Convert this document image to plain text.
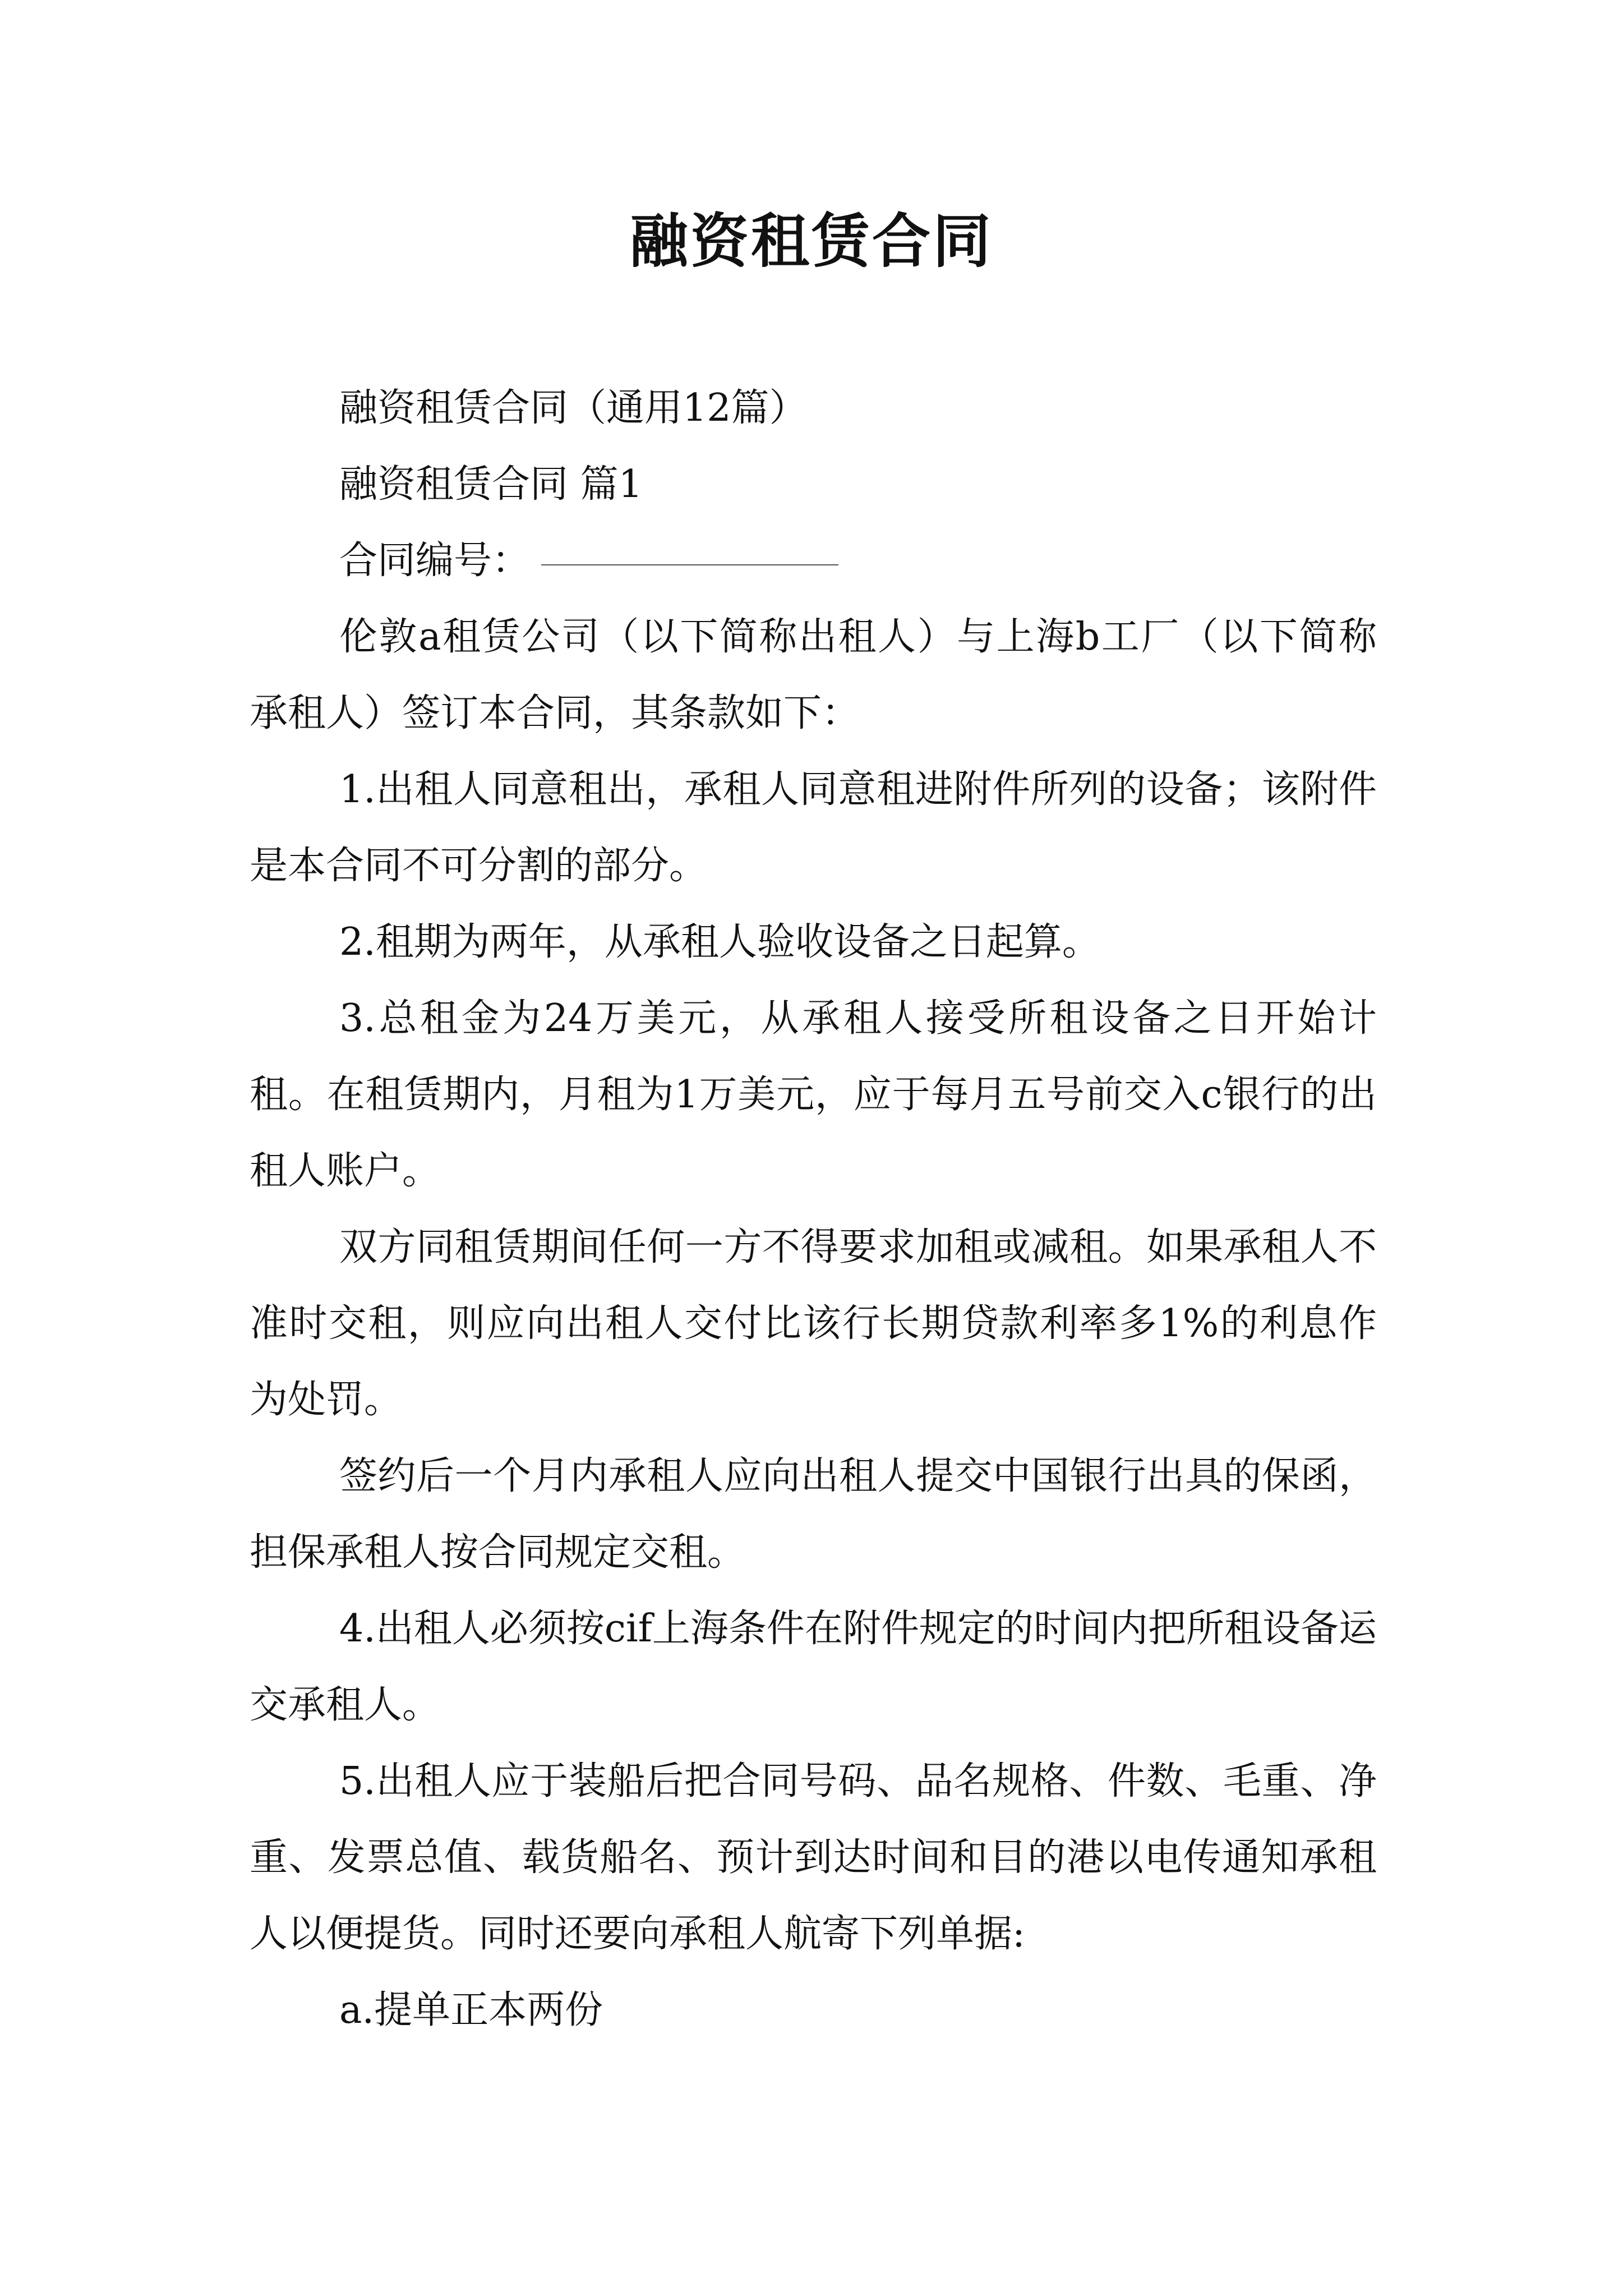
融资租赁合同

融资租赁合同（通用12篇）

融资租赁合同 篇1

合同编号：

伦敦a租赁公司（以下简称出租人）与上海b工厂（以下简称承租人）签订本合同，其条款如下：

1.出租人同意租出，承租人同意租进附件所列的设备；该附件是本合同不可分割的部分。

2.租期为两年，从承租人验收设备之日起算。

3.总租金为24万美元，从承租人接受所租设备之日开始计租。在租赁期内，月租为1万美元，应于每月五号前交入c银行的出租人账户。

双方同租赁期间任何一方不得要求加租或减租。如果承租人不准时交租，则应向出租人交付比该行长期贷款利率多1%的利息作为处罚。

签约后一个月内承租人应向出租人提交中国银行出具的保函，担保承租人按合同规定交租。

4.出租人必须按cif上海条件在附件规定的时间内把所租设备运交承租人。

5.出租人应于装船后把合同号码、品名规格、件数、毛重、净重、发票总值、载货船名、预计到达时间和目的港以电传通知承租人以便提货。同时还要向承租人航寄下列单据:

a.提单正本两份
